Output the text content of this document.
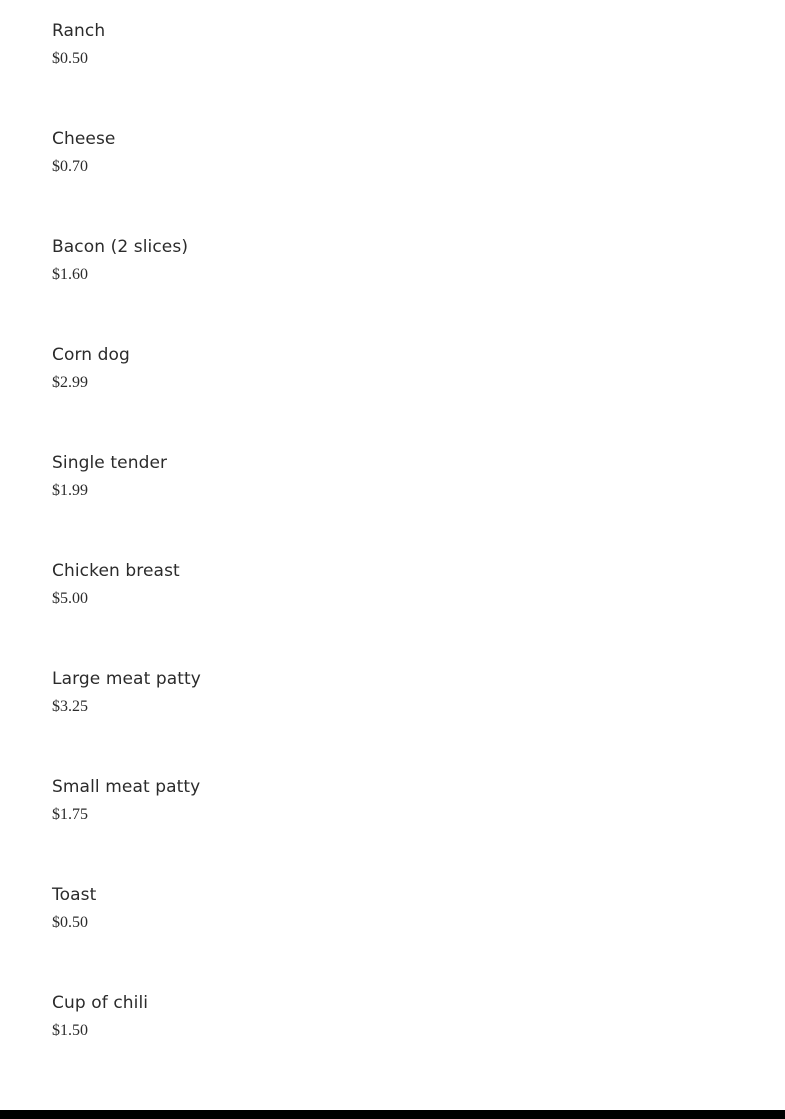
Ranch
$0.50
Cheese
$0.70
Bacon (2 slices)
$1.60
Corn dog
$2.99
Single tender
$1.99
Chicken breast
$5.00
Large meat patty
$3.25
Small meat patty
$1.75
Toast
$0.50
Cup of chili
$1.50
